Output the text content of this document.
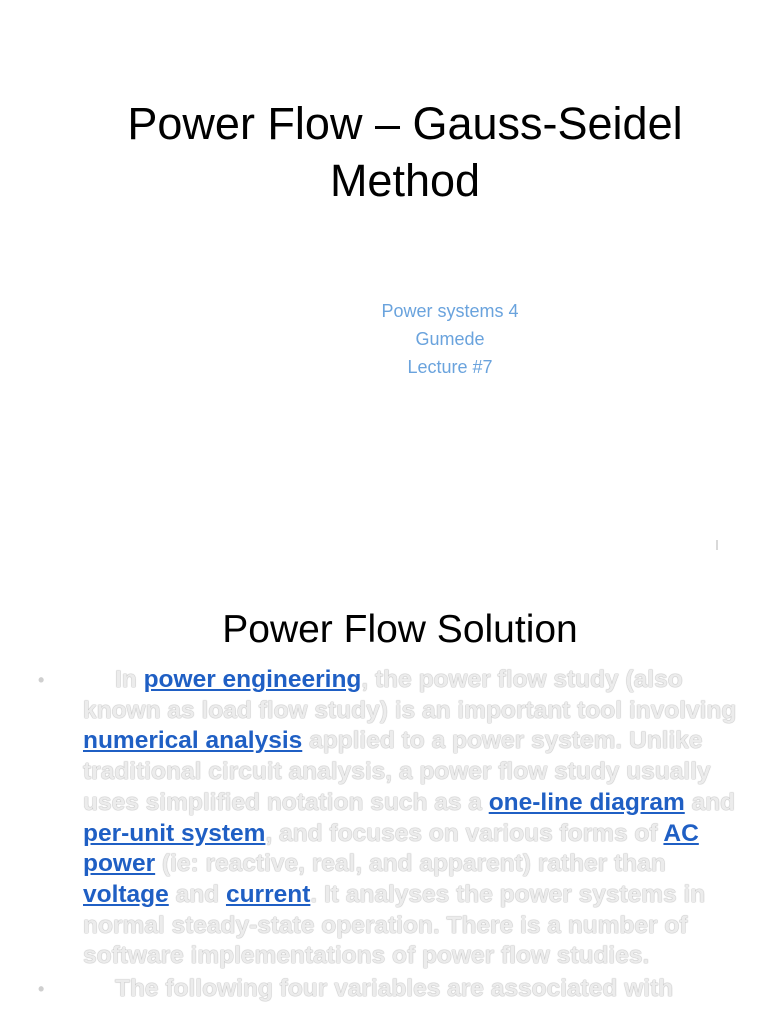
Power Flow – Gauss-Seidel
Method
Power systems 4
Gumede
Lecture #7
Power Flow Solution
•	In power engineering, the power flow study (also known as load flow study) is an important tool involving numerical analysis applied to a power system. Unlike traditional circuit analysis, a power flow study usually uses simplified notation such as a one-line diagram and per-unit system, and focuses on various forms of AC power (ie: reactive, real, and apparent) rather than voltage and current. It analyses the power systems in normal steady-state operation. There is a number of software implementations of power flow studies.
•	The following four variables are associated with
